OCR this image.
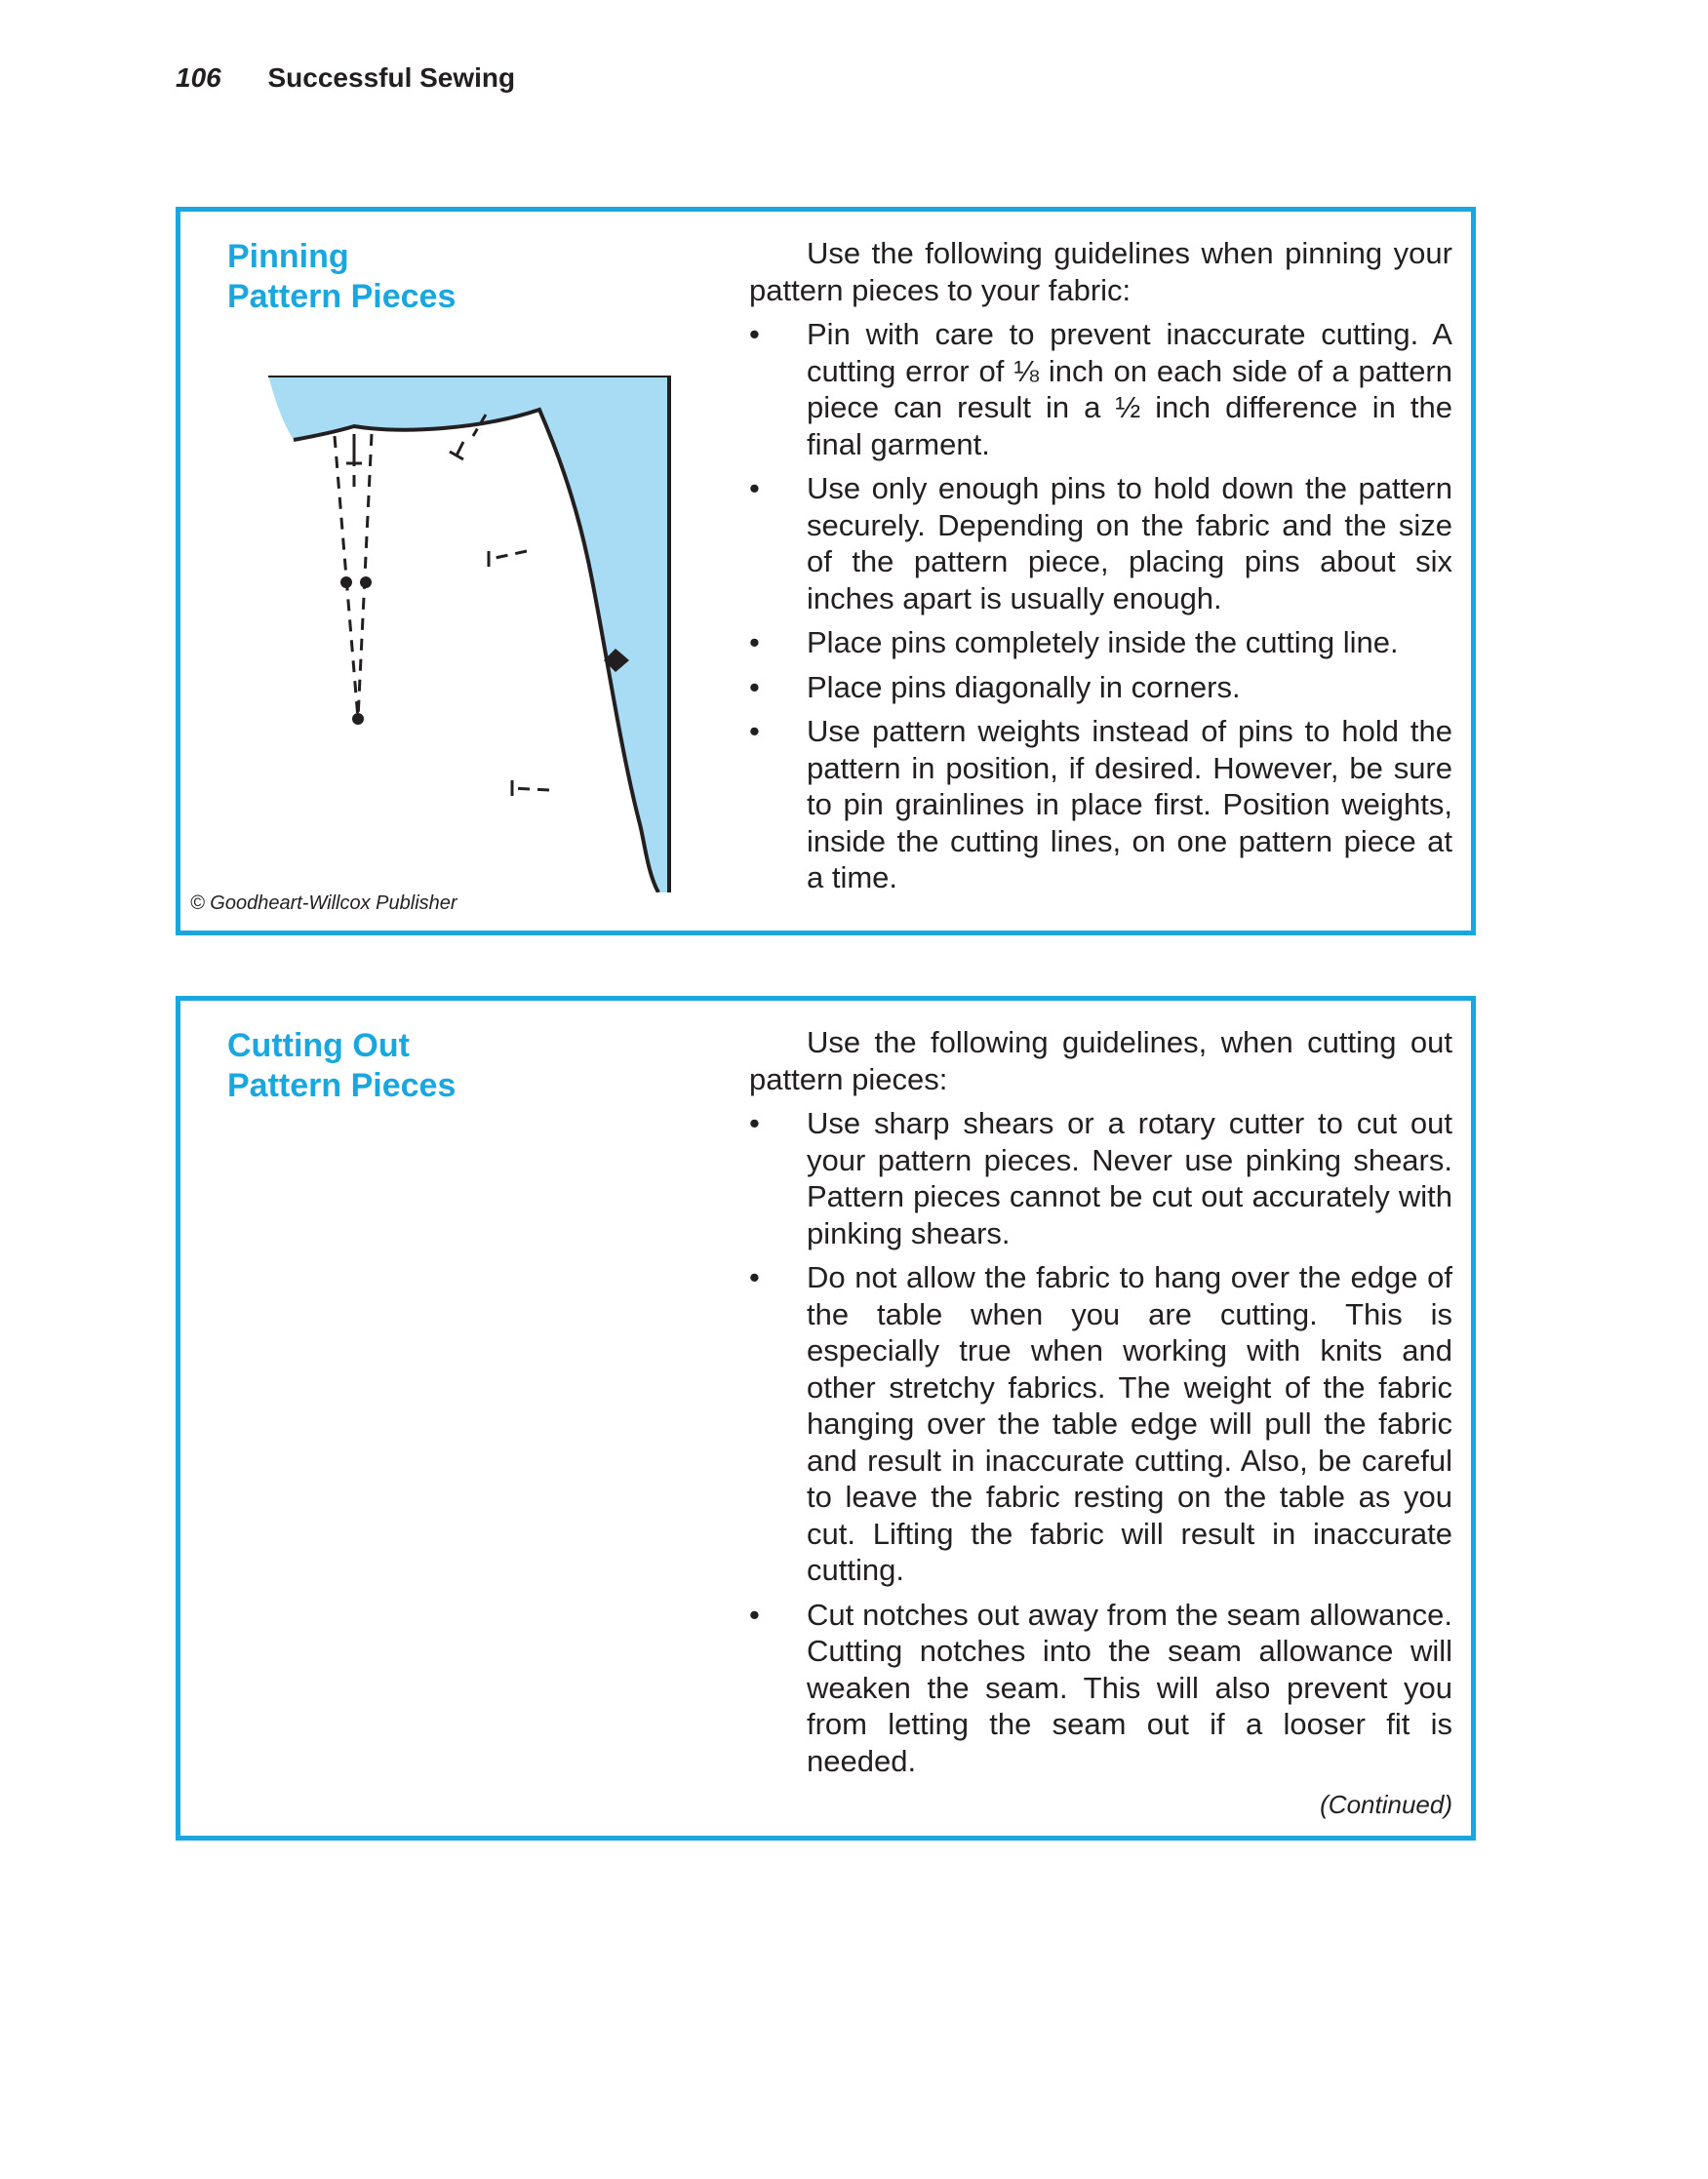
106 Successful Sewing
Pinning
Pattern Pieces
© Goodheart-Willcox Publisher

Use the following guidelines when pinning your pattern pieces to your fabric:

• Pin with care to prevent inaccurate cutting. A cutting error of ⅛ inch on each side of a pattern piece can result in a ½ inch difference in the final garment.
• Use only enough pins to hold down the pattern securely. Depending on the fabric and the size of the pattern piece, placing pins about six inches apart is usually enough.
• Place pins completely inside the cutting line.
• Place pins diagonally in corners.
• Use pattern weights instead of pins to hold the pattern in position, if desired. However, be sure to pin grainlines in place first. Position weights, inside the cutting lines, on one pattern piece at a time.
Cutting Out
Pattern Pieces

Use the following guidelines, when cutting out pattern pieces:

• Use sharp shears or a rotary cutter to cut out your pattern pieces. Never use pinking shears. Pattern pieces cannot be cut out accurately with pinking shears.
• Do not allow the fabric to hang over the edge of the table when you are cutting. This is especially true when working with knits and other stretchy fabrics. The weight of the fabric hanging over the table edge will pull the fabric and result in inaccurate cutting. Also, be careful to leave the fabric resting on the table as you cut. Lifting the fabric will result in inaccurate cutting.
• Cut notches out away from the seam allowance. Cutting notches into the seam allowance will weaken the seam. This will also prevent you from letting the seam out if a looser fit is needed.
(Continued)
